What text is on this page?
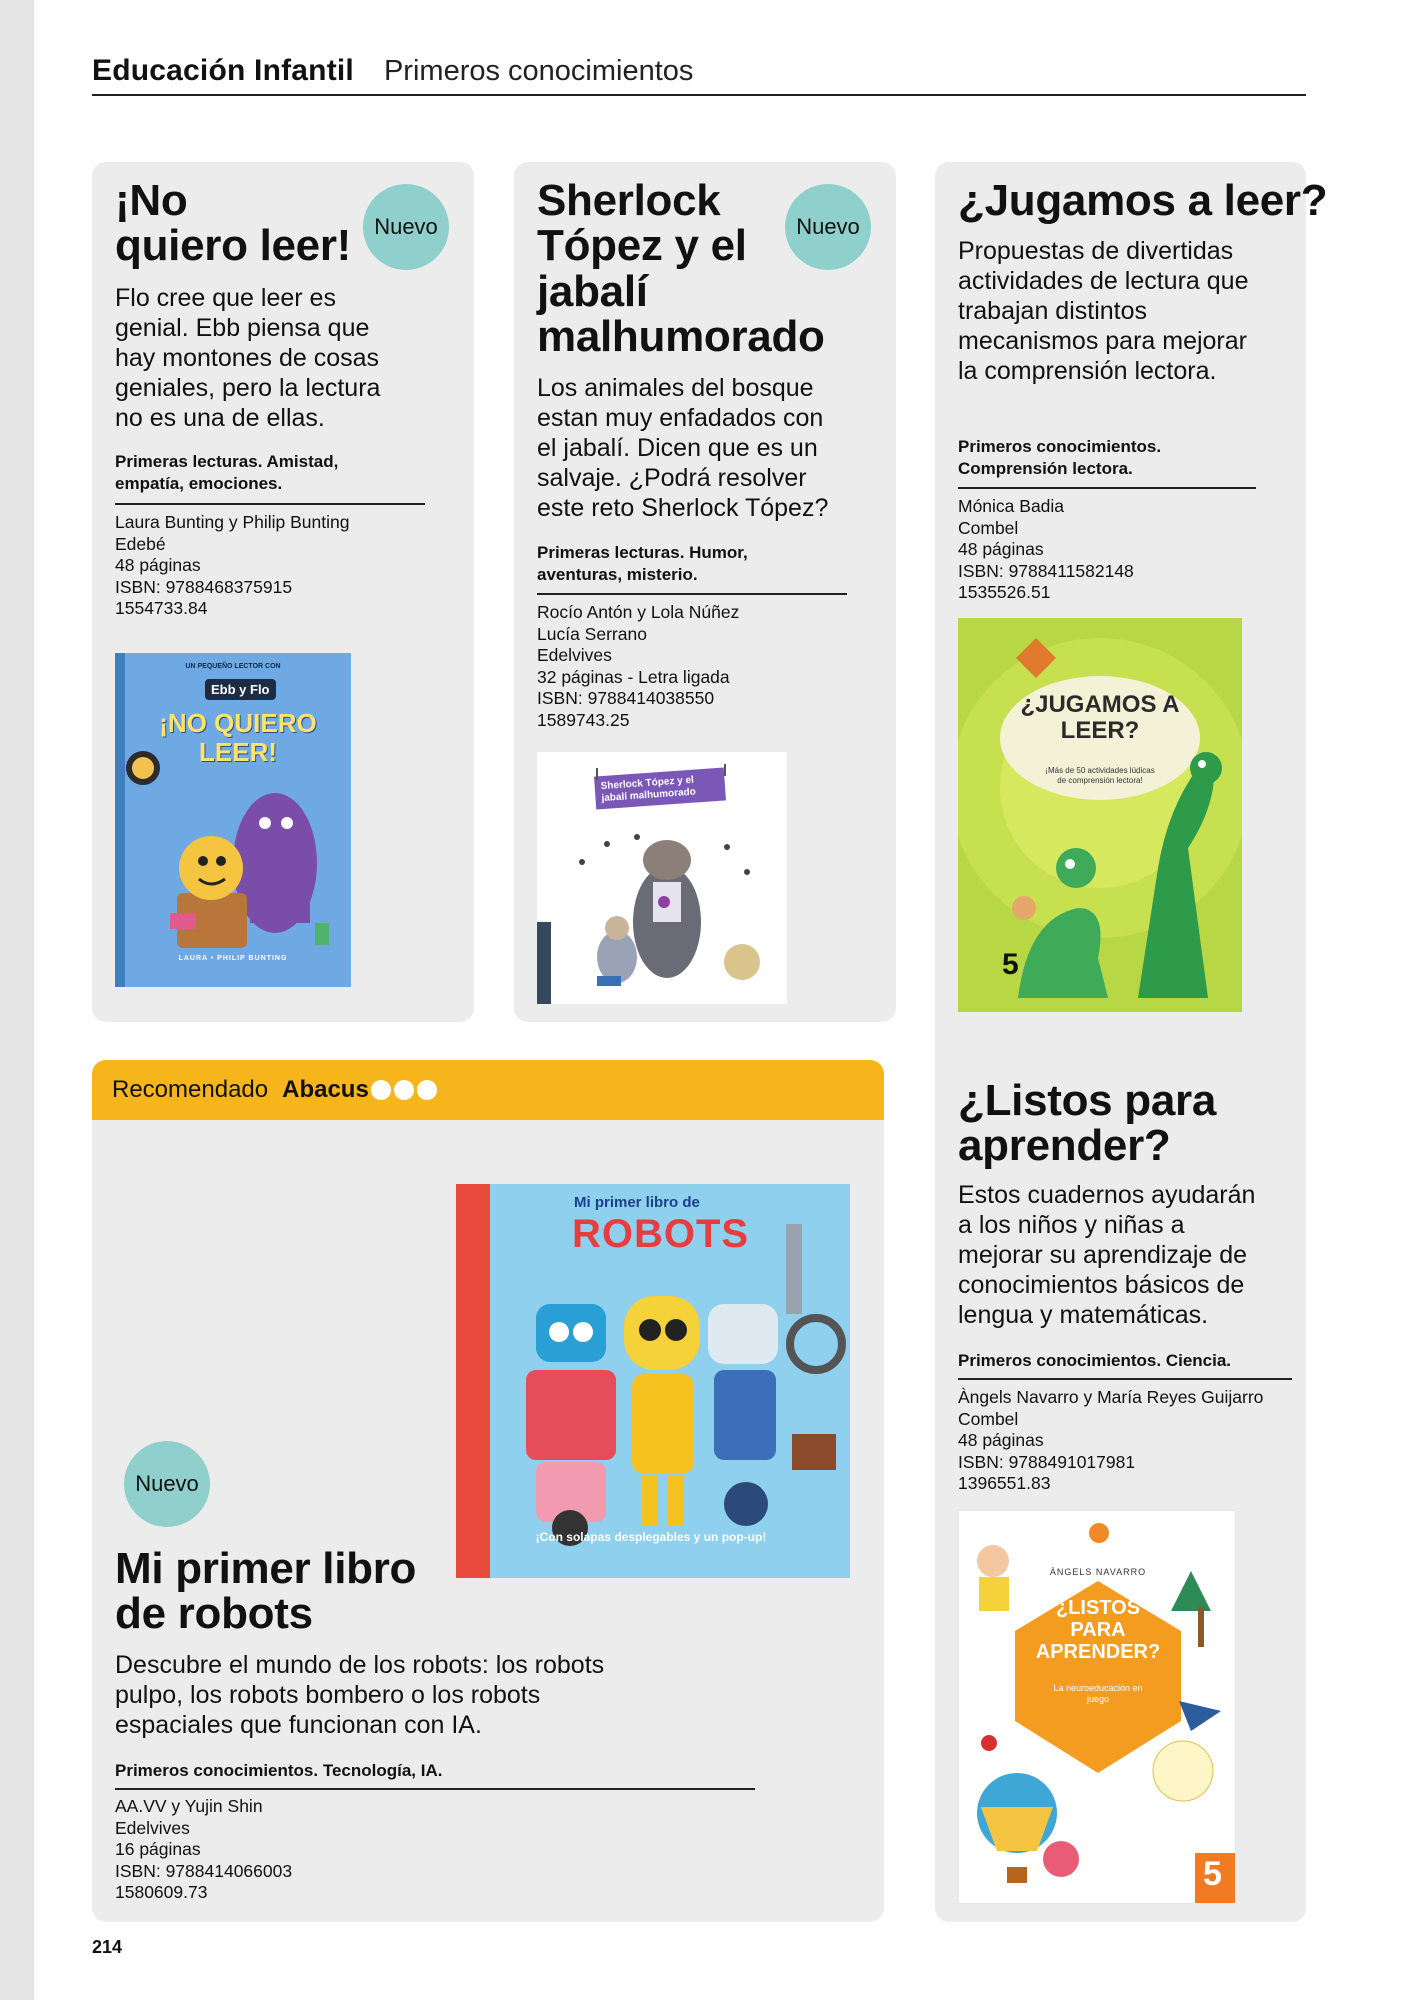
Educación Infantil Primeros conocimientos
¡No
quiero leer!	Nuevo
Flo cree que leer es genial. Ebb piensa que hay montones de cosas geniales, pero la lectura no es una de ellas.
Primeras lecturas. Amistad, empatía, emociones.
Laura Bunting y Philip Bunting
Edebé
48 páginas
ISBN: 9788468375915
1554733.84
UN PEQUEÑO LECTOR CON
Ebb y Flo
¡NO QUIERO LEER!
LAURA • PHILIP BUNTING
Sherlock Tópez y el jabalí malhumorado
Nuevo
Los animales del bosque estan muy enfadados con el jabalí. Dicen que es un salvaje. ¿Podrá resolver este reto Sherlock Tópez?
Primeras lecturas. Humor, aventuras, misterio.
Rocío Antón y Lola Núñez
Lucía Serrano
Edelvives
32 páginas - Letra ligada
ISBN: 9788414038550
1589743.25
Sherlock Tópez y el jabalí malhumorado
¿Jugamos a leer?
Propuestas de divertidas actividades de lectura que trabajan distintos mecanismos para mejorar la comprensión lectora.
Primeros conocimientos. Comprensión lectora.
Mónica Badia
Combel
48 páginas
ISBN: 9788411582148
1535526.51
¿JUGAMOS A LEER?
¡Más de 50 actividades lúdicas de comprensión lectora!
5
¿Listos para
aprender?
Estos cuadernos ayudarán a los niños y niñas a mejorar su aprendizaje de conocimientos básicos de lengua y matemáticas.
Primeros conocimientos. Ciencia.
Àngels Navarro y María Reyes Guijarro
Combel
48 páginas
ISBN: 9788491017981
1396551.83
ÀNGELS NAVARRO
¿LISTOS PARA APRENDER?
La neuroeducación en juego
5
Recomendado Abacus
Mi primer libro de
ROBOTS
¡Con solapas desplegables y un pop-up!
Nuevo
Mi primer libro
de robots
Descubre el mundo de los robots: los robots pulpo, los robots bombero o los robots espaciales que funcionan con IA.
Primeros conocimientos. Tecnología, IA.
AA.VV y Yujin Shin
Edelvives
16 páginas
ISBN: 9788414066003
1580609.73
214
